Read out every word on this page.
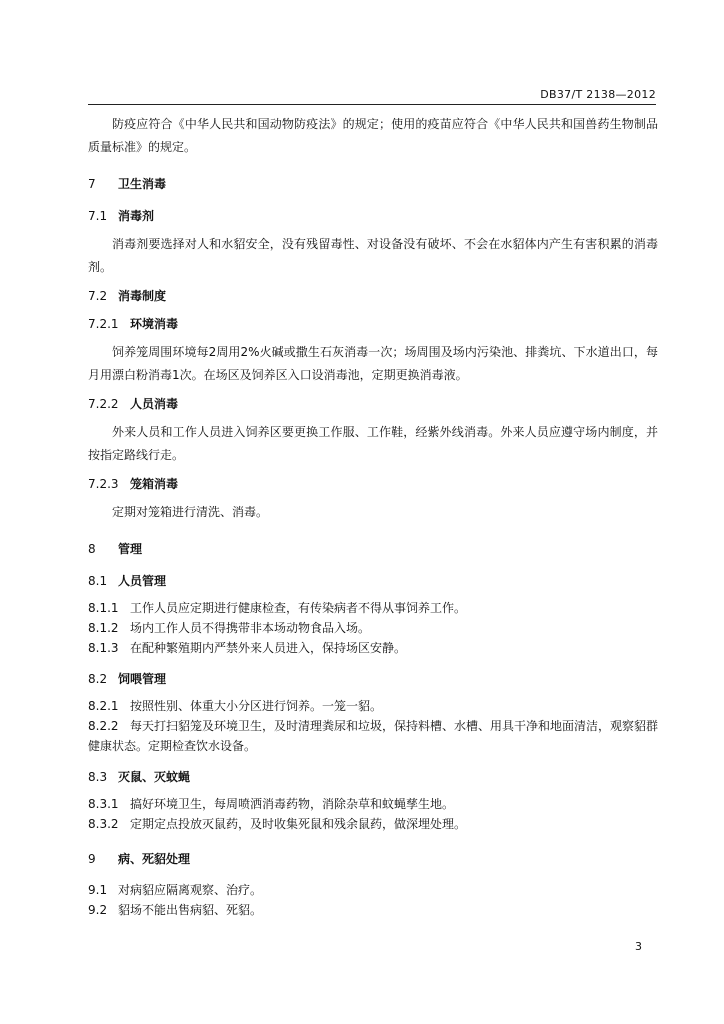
DB37/T 2138—2012

防疫应符合《中华人民共和国动物防疫法》的规定；使用的疫苗应符合《中华人民共和国兽药生物制品质量标准》的规定。

7 卫生消毒
7.1 消毒剂

消毒剂要选择对人和水貂安全，没有残留毒性、对设备没有破坏、不会在水貂体内产生有害积累的消毒剂。

7.2 消毒制度
7.2.1 环境消毒

饲养笼周围环境每2周用2%火碱或撒生石灰消毒一次；场周围及场内污染池、排粪坑、下水道出口，每月用漂白粉消毒1次。在场区及饲养区入口设消毒池，定期更换消毒液。

7.2.2 人员消毒

外来人员和工作人员进入饲养区要更换工作服、工作鞋，经紫外线消毒。外来人员应遵守场内制度，并按指定路线行走。

7.2.3 笼箱消毒

定期对笼箱进行清洗、消毒。

8 管理
8.1 人员管理

8.1.1 工作人员应定期进行健康检查，有传染病者不得从事饲养工作。

8.1.2 场内工作人员不得携带非本场动物食品入场。

8.1.3 在配种繁殖期内严禁外来人员进入，保持场区安静。

8.2 饲喂管理

8.2.1 按照性别、体重大小分区进行饲养。一笼一貂。

8.2.2 每天打扫貂笼及环境卫生，及时清理粪尿和垃圾，保持料槽、水槽、用具干净和地面清洁，观察貂群健康状态。定期检查饮水设备。

8.3 灭鼠、灭蚊蝇

8.3.1 搞好环境卫生，每周喷洒消毒药物，消除杂草和蚊蝇孳生地。

8.3.2 定期定点投放灭鼠药，及时收集死鼠和残余鼠药，做深埋处理。

9 病、死貂处理

9.1 对病貂应隔离观察、治疗。

9.2 貂场不能出售病貂、死貂。

3
